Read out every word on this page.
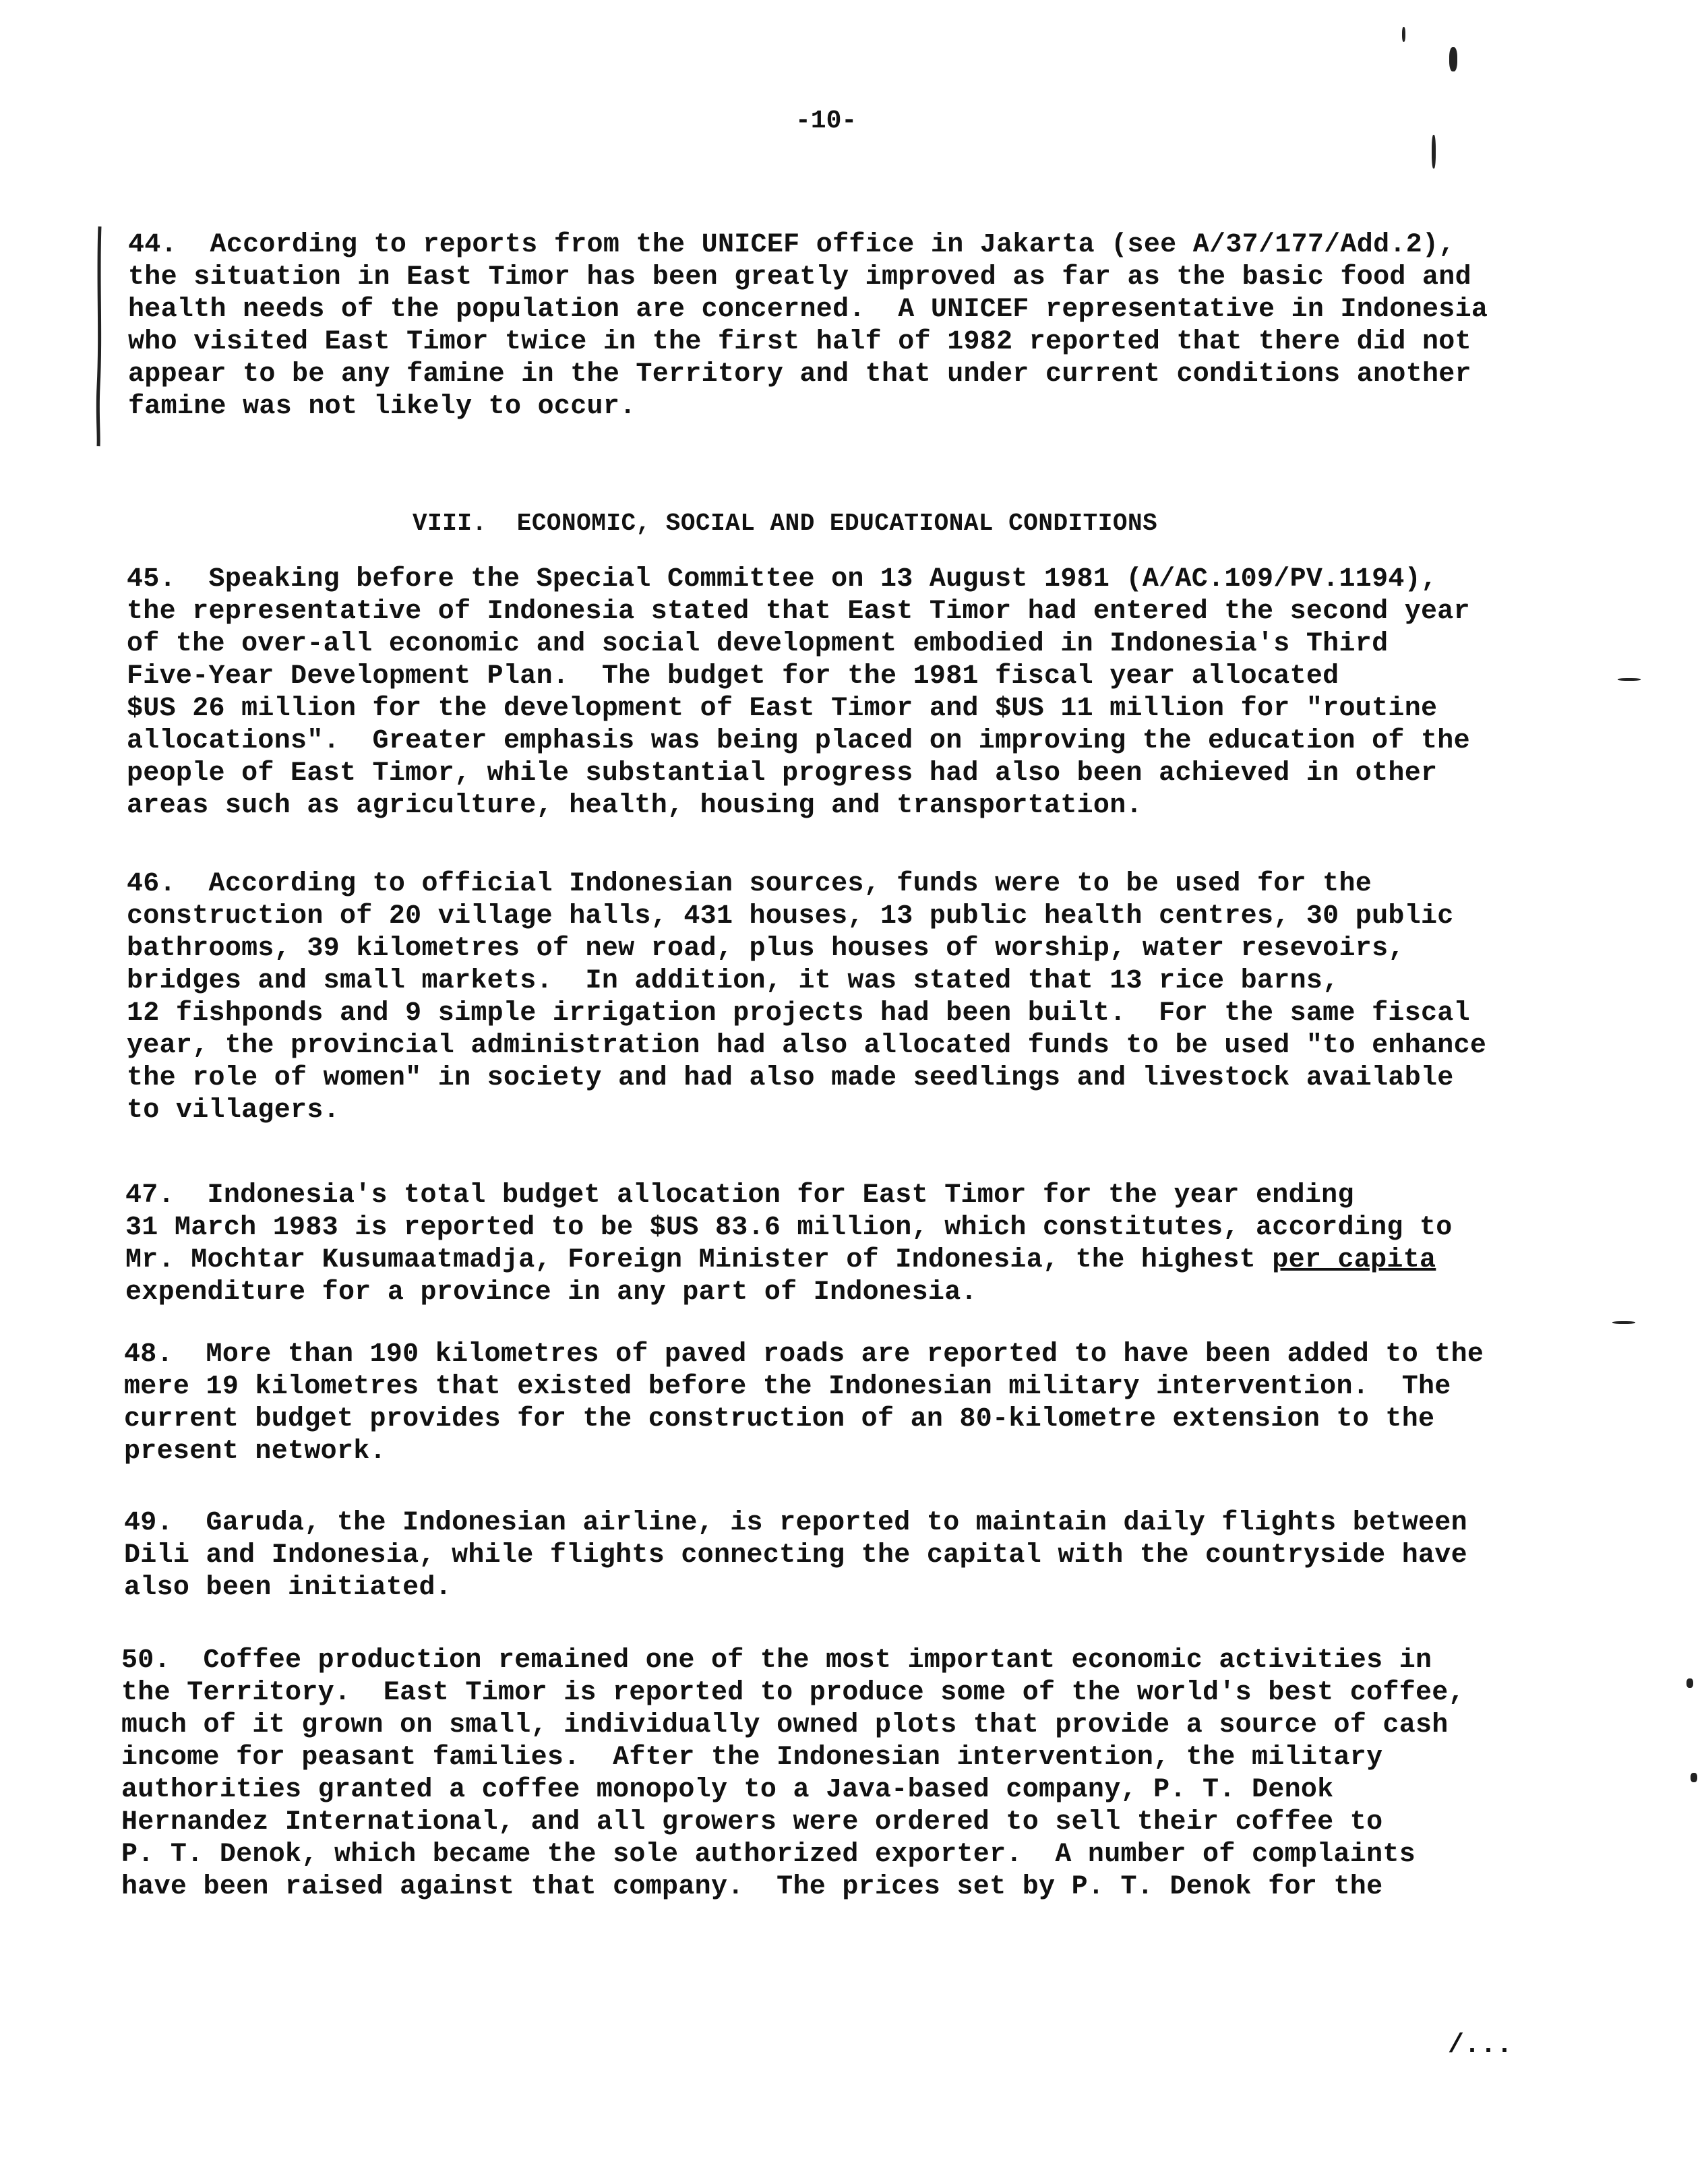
-10-

44.  According to reports from the UNICEF office in Jakarta (see A/37/177/Add.2),
the situation in East Timor has been greatly improved as far as the basic food and
health needs of the population are concerned.  A UNICEF representative in Indonesia
who visited East Timor twice in the first half of 1982 reported that there did not
appear to be any famine in the Territory and that under current conditions another
famine was not likely to occur.

VIII.  ECONOMIC, SOCIAL AND EDUCATIONAL CONDITIONS

45.  Speaking before the Special Committee on 13 August 1981 (A/AC.109/PV.1194),
the representative of Indonesia stated that East Timor had entered the second year
of the over-all economic and social development embodied in Indonesia's Third
Five-Year Development Plan.  The budget for the 1981 fiscal year allocated
$US 26 million for the development of East Timor and $US 11 million for "routine
allocations".  Greater emphasis was being placed on improving the education of the
people of East Timor, while substantial progress had also been achieved in other
areas such as agriculture, health, housing and transportation.

46.  According to official Indonesian sources, funds were to be used for the
construction of 20 village halls, 431 houses, 13 public health centres, 30 public
bathrooms, 39 kilometres of new road, plus houses of worship, water resevoirs,
bridges and small markets.  In addition, it was stated that 13 rice barns,
12 fishponds and 9 simple irrigation projects had been built.  For the same fiscal
year, the provincial administration had also allocated funds to be used "to enhance
the role of women" in society and had also made seedlings and livestock available
to villagers.

47.  Indonesia's total budget allocation for East Timor for the year ending
31 March 1983 is reported to be $US 83.6 million, which constitutes, according to
Mr. Mochtar Kusumaatmadja, Foreign Minister of Indonesia, the highest per capita
expenditure for a province in any part of Indonesia.

48.  More than 190 kilometres of paved roads are reported to have been added to the
mere 19 kilometres that existed before the Indonesian military intervention.  The
current budget provides for the construction of an 80-kilometre extension to the
present network.

49.  Garuda, the Indonesian airline, is reported to maintain daily flights between
Dili and Indonesia, while flights connecting the capital with the countryside have
also been initiated.

50.  Coffee production remained one of the most important economic activities in
the Territory.  East Timor is reported to produce some of the world's best coffee,
much of it grown on small, individually owned plots that provide a source of cash
income for peasant families.  After the Indonesian intervention, the military
authorities granted a coffee monopoly to a Java-based company, P. T. Denok
Hernandez International, and all growers were ordered to sell their coffee to
P. T. Denok, which became the sole authorized exporter.  A number of complaints
have been raised against that company.  The prices set by P. T. Denok for the

/...
